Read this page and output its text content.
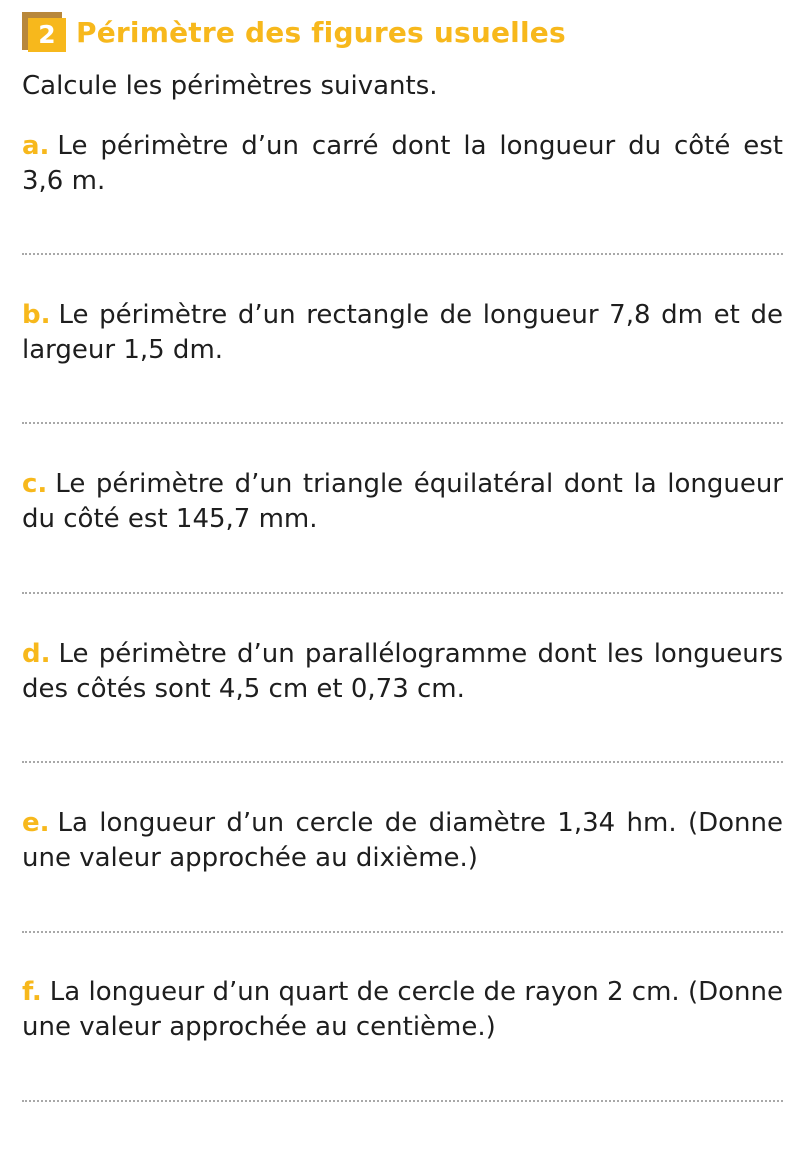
2 Périmètre des figures usuelles
Calcule les périmètres suivants.
a. Le périmètre d’un carré dont la longueur du côté est 3,6 m.
b. Le périmètre d’un rectangle de longueur 7,8 dm et de largeur 1,5 dm.
c. Le périmètre d’un triangle équilatéral dont la longueur du côté est 145,7 mm.
d. Le périmètre d’un parallélogramme dont les longueurs des côtés sont 4,5 cm et 0,73 cm.
e. La longueur d’un cercle de diamètre 1,34 hm. (Donne une valeur approchée au dixième.)
f. La longueur d’un quart de cercle de rayon 2 cm. (Donne une valeur approchée au centième.)
